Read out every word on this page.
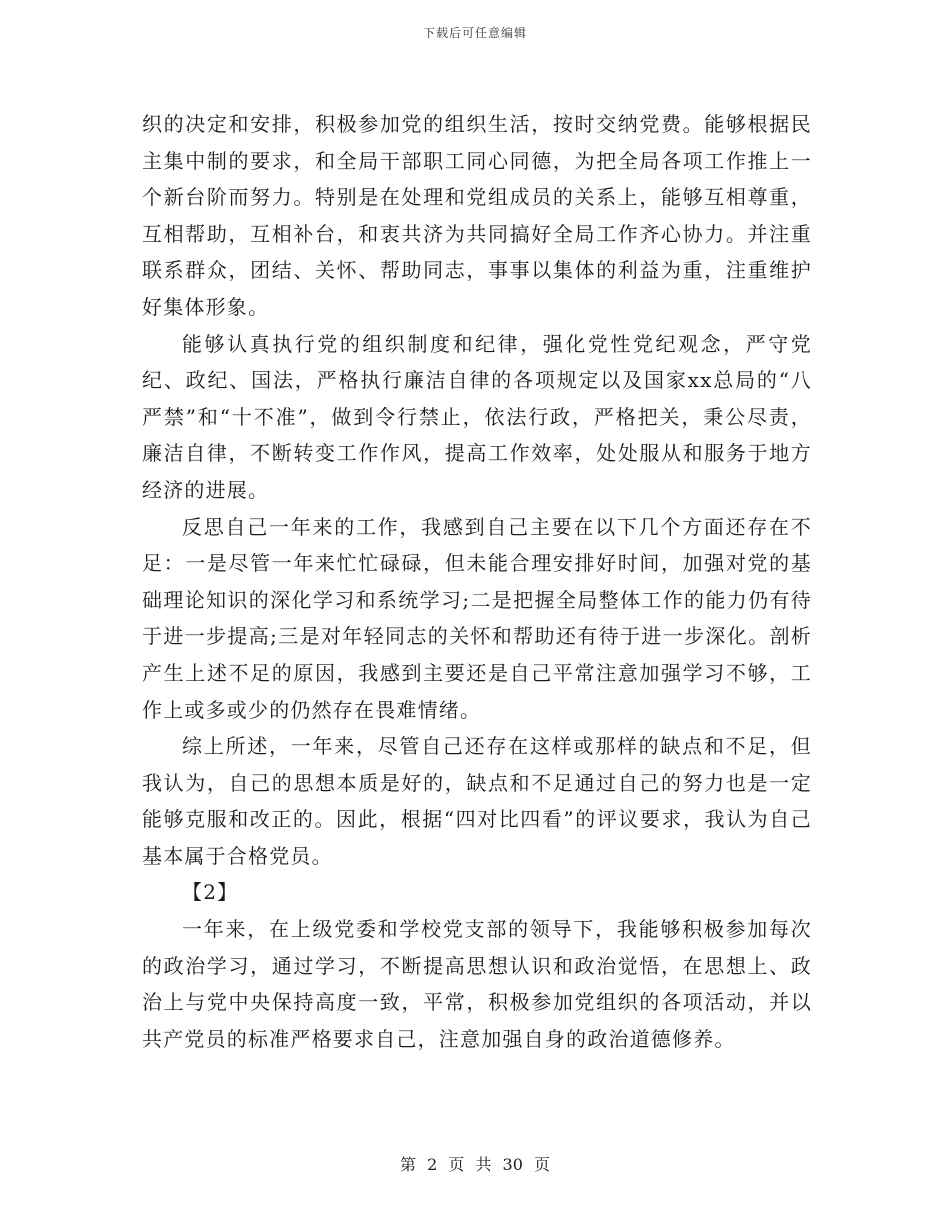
下载后可任意编辑

织的决定和安排，积极参加党的组织生活，按时交纳党费。能够根据民主集中制的要求，和全局干部职工同心同德，为把全局各项工作推上一个新台阶而努力。特别是在处理和党组成员的关系上，能够互相尊重，互相帮助，互相补台，和衷共济为共同搞好全局工作齐心协力。并注重联系群众，团结、关怀、帮助同志，事事以集体的利益为重，注重维护好集体形象。

能够认真执行党的组织制度和纪律，强化党性党纪观念，严守党纪、政纪、国法，严格执行廉洁自律的各项规定以及国家xx总局的“八严禁”和“十不准”，做到令行禁止，依法行政，严格把关，秉公尽责，廉洁自律，不断转变工作作风，提高工作效率，处处服从和服务于地方经济的进展。

反思自己一年来的工作，我感到自己主要在以下几个方面还存在不足：一是尽管一年来忙忙碌碌，但未能合理安排好时间，加强对党的基础理论知识的深化学习和系统学习;二是把握全局整体工作的能力仍有待于进一步提高;三是对年轻同志的关怀和帮助还有待于进一步深化。剖析产生上述不足的原因，我感到主要还是自己平常注意加强学习不够，工作上或多或少的仍然存在畏难情绪。

综上所述，一年来，尽管自己还存在这样或那样的缺点和不足，但我认为，自己的思想本质是好的，缺点和不足通过自己的努力也是一定能够克服和改正的。因此，根据“四对比四看”的评议要求，我认为自己基本属于合格党员。

【2】

一年来，在上级党委和学校党支部的领导下，我能够积极参加每次的政治学习，通过学习，不断提高思想认识和政治觉悟，在思想上、政治上与党中央保持高度一致，平常，积极参加党组织的各项活动，并以共产党员的标准严格要求自己，注意加强自身的政治道德修养。

第 2 页 共 30 页
